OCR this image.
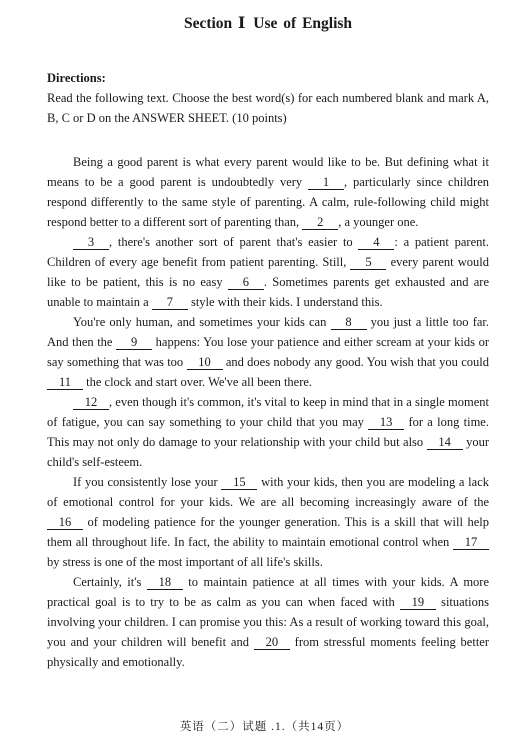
Section Ⅰ Use of English
Directions:
Read the following text. Choose the best word(s) for each numbered blank and mark A, B, C or D on the ANSWER SHEET. (10 points)

Being a good parent is what every parent would like to be. But defining what it means to be a good parent is undoubtedly very 1 , particularly since children respond differently to the same style of parenting. A calm, rule-following child might respond better to a different sort of parenting than, 2 , a younger one.

3 , there's another sort of parent that's easier to 4 : a patient parent. Children of every age benefit from patient parenting. Still, 5 every parent would like to be patient, this is no easy 6 . Sometimes parents get exhausted and are unable to maintain a 7 style with their kids. I understand this.

You're only human, and sometimes your kids can 8 you just a little too far. And then the 9 happens: You lose your patience and either scream at your kids or say something that was too 10 and does nobody any good. You wish that you could 11 the clock and start over. We've all been there.

12 , even though it's common, it's vital to keep in mind that in a single moment of fatigue, you can say something to your child that you may 13 for a long time. This may not only do damage to your relationship with your child but also 14 your child's self-esteem.

If you consistently lose your 15 with your kids, then you are modeling a lack of emotional control for your kids. We are all becoming increasingly aware of the 16 of modeling patience for the younger generation. This is a skill that will help them all throughout life. In fact, the ability to maintain emotional control when 17 by stress is one of the most important of all life's skills.

Certainly, it's 18 to maintain patience at all times with your kids. A more practical goal is to try to be as calm as you can when faced with 19 situations involving your children. I can promise you this: As a result of working toward this goal, you and your children will benefit and 20 from stressful moments feeling better physically and emotionally.

英语（二）试题 .1.（共14页）
